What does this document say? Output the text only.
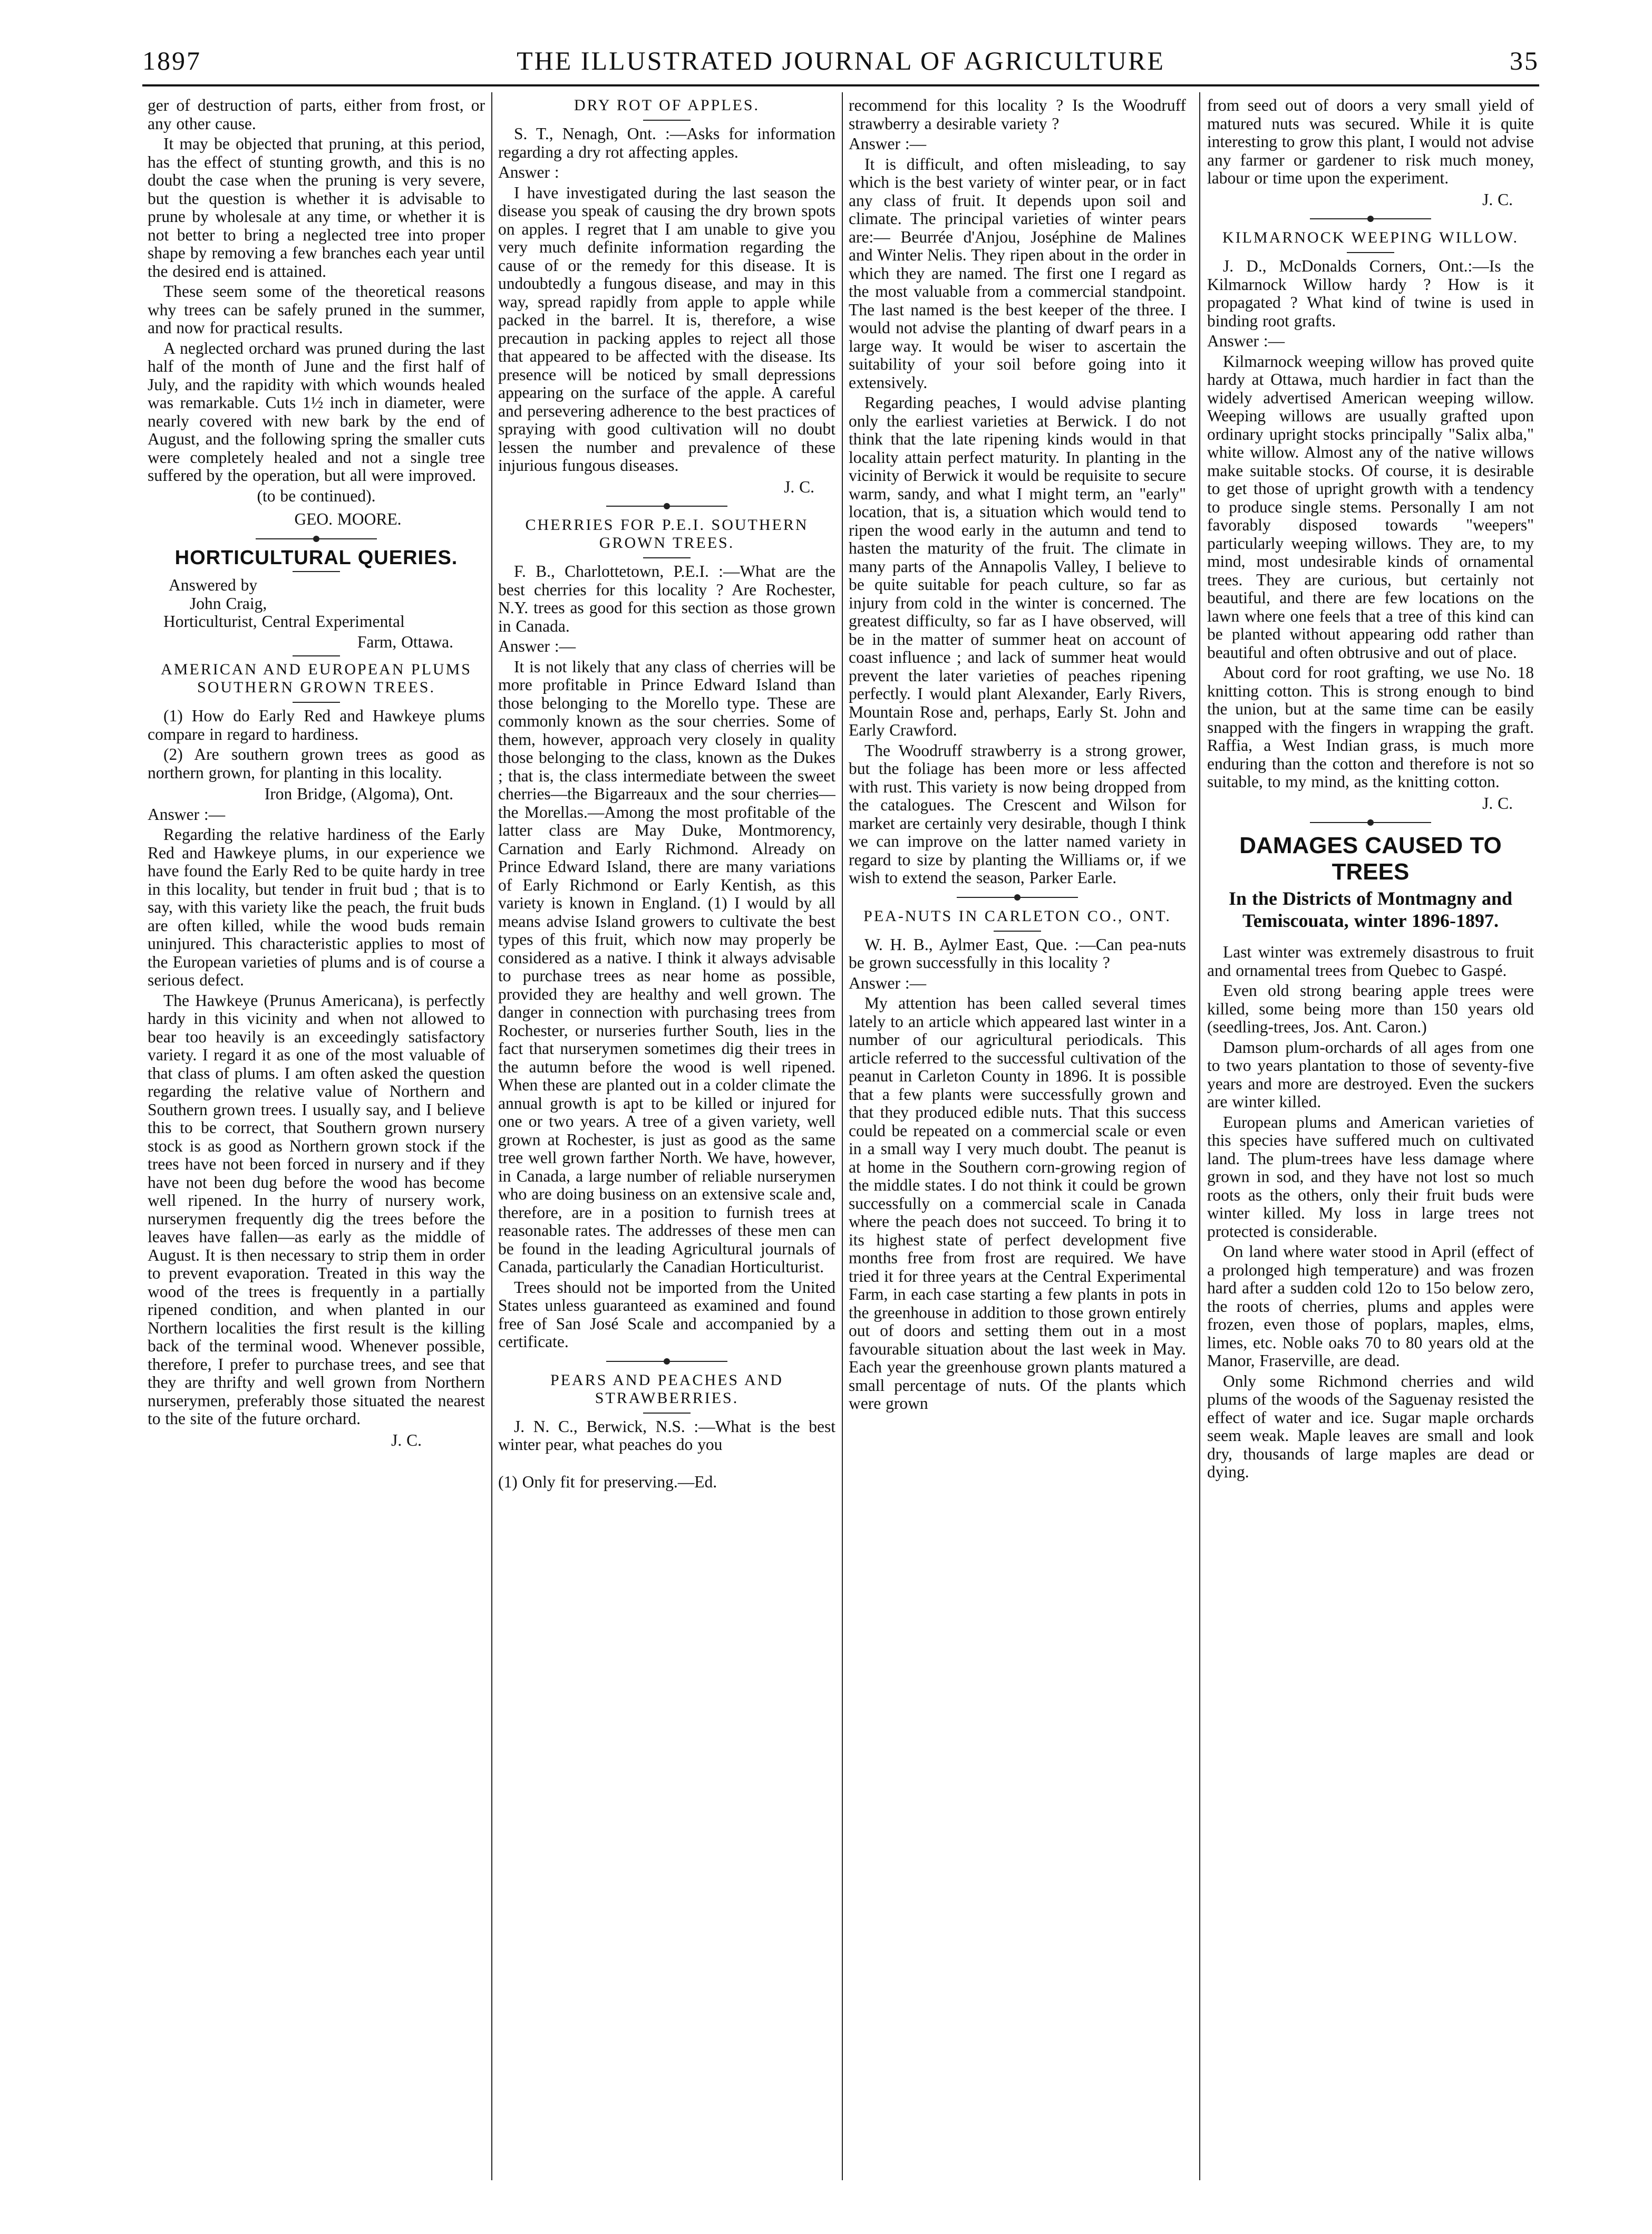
1897	THE ILLUSTRATED JOURNAL OF AGRICULTURE	35

ger of destruction of parts, either from frost, or any other cause.

It may be objected that pruning, at this period, has the effect of stunting growth, and this is no doubt the case when the pruning is very severe, but the question is whether it is advisable to prune by wholesale at any time, or whether it is not better to bring a neglected tree into proper shape by removing a few branches each year until the desired end is attained.

These seem some of the theoretical reasons why trees can be safely pruned in the summer, and now for practical results.

A neglected orchard was pruned during the last half of the month of June and the first half of July, and the rapidity with which wounds healed was remarkable. Cuts 1½ inch in diameter, were nearly covered with new bark by the end of August, and the following spring the smaller cuts were completely healed and not a single tree suffered by the operation, but all were improved.

(to be continued).

GEO. MOORE.

HORTICULTURAL QUERIES.

Answered by

John Craig,

Horticulturist, Central Experimental

Farm, Ottawa.

AMERICAN AND EUROPEAN PLUMS SOUTHERN GROWN TREES.

(1) How do Early Red and Hawkeye plums compare in regard to hardiness.

(2) Are southern grown trees as good as northern grown, for planting in this locality.

Iron Bridge, (Algoma), Ont.

Answer :—

Regarding the relative hardiness of the Early Red and Hawkeye plums, in our experience we have found the Early Red to be quite hardy in tree in this locality, but tender in fruit bud ; that is to say, with this variety like the peach, the fruit buds are often killed, while the wood buds remain uninjured. This characteristic applies to most of the European varieties of plums and is of course a serious defect.

The Hawkeye (Prunus Americana), is perfectly hardy in this vicinity and when not allowed to bear too heavily is an exceedingly satisfactory variety. I regard it as one of the most valuable of that class of plums. I am often asked the question regarding the relative value of Northern and Southern grown trees. I usually say, and I believe this to be correct, that Southern grown nursery stock is as good as Northern grown stock if the trees have not been forced in nursery and if they have not been dug before the wood has become well ripened. In the hurry of nursery work, nurserymen frequently dig the trees before the leaves have fallen—as early as the middle of August. It is then necessary to strip them in order to prevent evaporation. Treated in this way the wood of the trees is frequently in a partially ripened condition, and when planted in our Northern localities the first result is the killing back of the terminal wood. Whenever possible, therefore, I prefer to purchase trees, and see that they are thrifty and well grown from Northern nurserymen, preferably those situated the nearest to the site of the future orchard.

J. C.

DRY ROT OF APPLES.

S. T., Nenagh, Ont. :—Asks for information regarding a dry rot affecting apples.

Answer :

I have investigated during the last season the disease you speak of causing the dry brown spots on apples. I regret that I am unable to give you very much definite information regarding the cause of or the remedy for this disease. It is undoubtedly a fungous disease, and may in this way, spread rapidly from apple to apple while packed in the barrel. It is, therefore, a wise precaution in packing apples to reject all those that appeared to be affected with the disease. Its presence will be noticed by small depressions appearing on the surface of the apple. A careful and persevering adherence to the best practices of spraying with good cultivation will no doubt lessen the number and prevalence of these injurious fungous diseases.

J. C.

CHERRIES FOR P.E.I. SOUTHERN GROWN TREES.

F. B., Charlottetown, P.E.I. :—What are the best cherries for this locality ? Are Rochester, N.Y. trees as good for this section as those grown in Canada.

Answer :—

It is not likely that any class of cherries will be more profitable in Prince Edward Island than those belonging to the Morello type. These are commonly known as the sour cherries. Some of them, however, approach very closely in quality those belonging to the class, known as the Dukes ; that is, the class intermediate between the sweet cherries—the Bigarreaux and the sour cherries—the Morellas.—Among the most profitable of the latter class are May Duke, Montmorency, Carnation and Early Richmond. Already on Prince Edward Island, there are many variations of Early Richmond or Early Kentish, as this variety is known in England. (1) I would by all means advise Island growers to cultivate the best types of this fruit, which now may properly be considered as a native. I think it always advisable to purchase trees as near home as possible, provided they are healthy and well grown. The danger in connection with purchasing trees from Rochester, or nurseries further South, lies in the fact that nurserymen sometimes dig their trees in the autumn before the wood is well ripened. When these are planted out in a colder climate the annual growth is apt to be killed or injured for one or two years. A tree of a given variety, well grown at Rochester, is just as good as the same tree well grown farther North. We have, however, in Canada, a large number of reliable nurserymen who are doing business on an extensive scale and, therefore, are in a position to furnish trees at reasonable rates. The addresses of these men can be found in the leading Agricultural journals of Canada, particularly the Canadian Horticulturist.

Trees should not be imported from the United States unless guaranteed as examined and found free of San José Scale and accompanied by a certificate.

PEARS AND PEACHES AND STRAWBERRIES.

J. N. C., Berwick, N.S. :—What is the best winter pear, what peaches do you

(1) Only fit for preserving.—Ed.

recommend for this locality ? Is the Woodruff strawberry a desirable variety ?

Answer :—

It is difficult, and often misleading, to say which is the best variety of winter pear, or in fact any class of fruit. It depends upon soil and climate. The principal varieties of winter pears are:— Beurrée d'Anjou, Joséphine de Malines and Winter Nelis. They ripen about in the order in which they are named. The first one I regard as the most valuable from a commercial standpoint. The last named is the best keeper of the three. I would not advise the planting of dwarf pears in a large way. It would be wiser to ascertain the suitability of your soil before going into it extensively.

Regarding peaches, I would advise planting only the earliest varieties at Berwick. I do not think that the late ripening kinds would in that locality attain perfect maturity. In planting in the vicinity of Berwick it would be requisite to secure warm, sandy, and what I might term, an "early" location, that is, a situation which would tend to ripen the wood early in the autumn and tend to hasten the maturity of the fruit. The climate in many parts of the Annapolis Valley, I believe to be quite suitable for peach culture, so far as injury from cold in the winter is concerned. The greatest difficulty, so far as I have observed, will be in the matter of summer heat on account of coast influence ; and lack of summer heat would prevent the later varieties of peaches ripening perfectly. I would plant Alexander, Early Rivers, Mountain Rose and, perhaps, Early St. John and Early Crawford.

The Woodruff strawberry is a strong grower, but the foliage has been more or less affected with rust. This variety is now being dropped from the catalogues. The Crescent and Wilson for market are certainly very desirable, though I think we can improve on the latter named variety in regard to size by planting the Williams or, if we wish to extend the season, Parker Earle.

PEA-NUTS IN CARLETON CO., ONT.

W. H. B., Aylmer East, Que. :—Can pea-nuts be grown successfully in this locality ?

Answer :—

My attention has been called several times lately to an article which appeared last winter in a number of our agricultural periodicals. This article referred to the successful cultivation of the peanut in Carleton County in 1896. It is possible that a few plants were successfully grown and that they produced edible nuts. That this success could be repeated on a commercial scale or even in a small way I very much doubt. The peanut is at home in the Southern corn-growing region of the middle states. I do not think it could be grown successfully on a commercial scale in Canada where the peach does not succeed. To bring it to its highest state of perfect development five months free from frost are required. We have tried it for three years at the Central Experimental Farm, in each case starting a few plants in pots in the greenhouse in addition to those grown entirely out of doors and setting them out in a most favourable situation about the last week in May. Each year the greenhouse grown plants matured a small percentage of nuts. Of the plants which were grown

from seed out of doors a very small yield of matured nuts was secured. While it is quite interesting to grow this plant, I would not advise any farmer or gardener to risk much money, labour or time upon the experiment.

J. C.

KILMARNOCK WEEPING WILLOW.

J. D., McDonalds Corners, Ont.:—Is the Kilmarnock Willow hardy ? How is it propagated ? What kind of twine is used in binding root grafts.

Answer :—

Kilmarnock weeping willow has proved quite hardy at Ottawa, much hardier in fact than the widely advertised American weeping willow. Weeping willows are usually grafted upon ordinary upright stocks principally "Salix alba," white willow. Almost any of the native willows make suitable stocks. Of course, it is desirable to get those of upright growth with a tendency to produce single stems. Personally I am not favorably disposed towards "weepers" particularly weeping willows. They are, to my mind, most undesirable kinds of ornamental trees. They are curious, but certainly not beautiful, and there are few locations on the lawn where one feels that a tree of this kind can be planted without appearing odd rather than beautiful and often obtrusive and out of place.

About cord for root grafting, we use No. 18 knitting cotton. This is strong enough to bind the union, but at the same time can be easily snapped with the fingers in wrapping the graft. Raffia, a West Indian grass, is much more enduring than the cotton and therefore is not so suitable, to my mind, as the knitting cotton.

J. C.

DAMAGES CAUSED TO TREES
In the Districts of Montmagny and Temiscouata, winter 1896-1897.

Last winter was extremely disastrous to fruit and ornamental trees from Quebec to Gaspé.

Even old strong bearing apple trees were killed, some being more than 150 years old (seedling-trees, Jos. Ant. Caron.)

Damson plum-orchards of all ages from one to two years plantation to those of seventy-five years and more are destroyed. Even the suckers are winter killed.

European plums and American varieties of this species have suffered much on cultivated land. The plum-trees have less damage where grown in sod, and they have not lost so much roots as the others, only their fruit buds were winter killed. My loss in large trees not protected is considerable.

On land where water stood in April (effect of a prolonged high temperature) and was frozen hard after a sudden cold 12o to 15o below zero, the roots of cherries, plums and apples were frozen, even those of poplars, maples, elms, limes, etc. Noble oaks 70 to 80 years old at the Manor, Fraserville, are dead.

Only some Richmond cherries and wild plums of the woods of the Saguenay resisted the effect of water and ice. Sugar maple orchards seem weak. Maple leaves are small and look dry, thousands of large maples are dead or dying.
